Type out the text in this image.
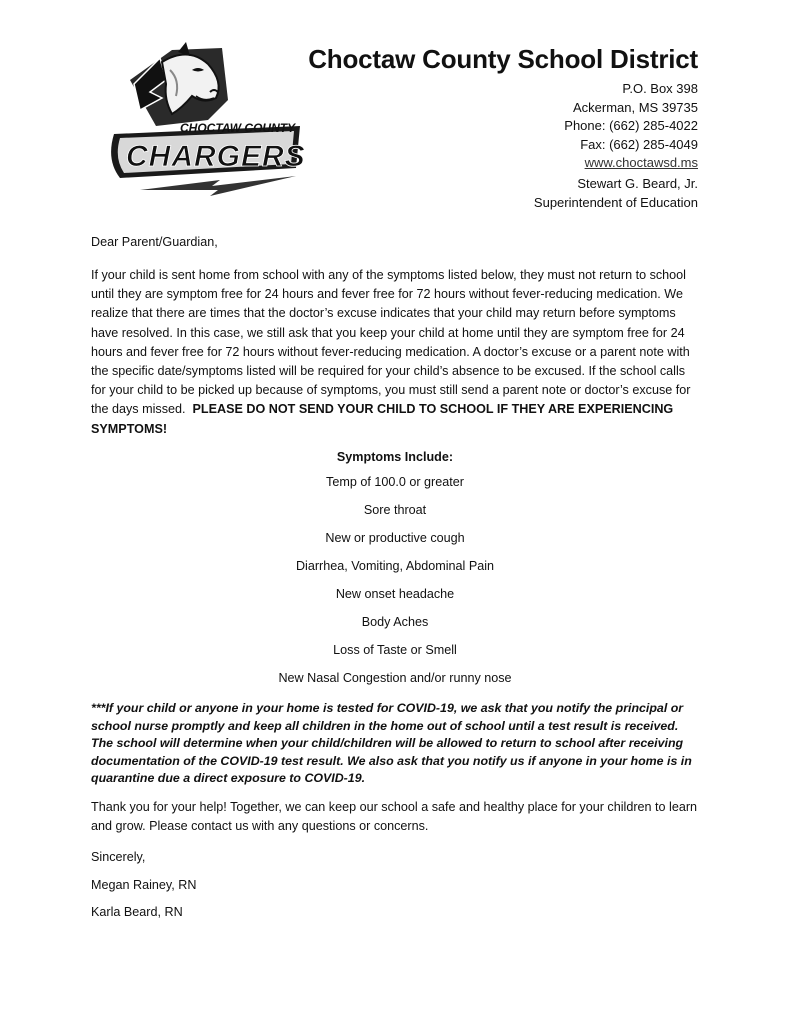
CHOCTAW COUNTY
CHARGERS
Choctaw County School District
P.O. Box 398
Ackerman, MS 39735
Phone: (662) 285-4022
Fax: (662) 285-4049
www.choctawsd.ms
Stewart G. Beard, Jr.
Superintendent of Education
Dear Parent/Guardian,
If your child is sent home from school with any of the symptoms listed below, they must not return to school until they are symptom free for 24 hours and fever free for 72 hours without fever-reducing medication. We realize that there are times that the doctor’s excuse indicates that your child may return before symptoms have resolved. In this case, we still ask that you keep your child at home until they are symptom free for 24 hours and fever free for 72 hours without fever-reducing medication. A doctor’s excuse or a parent note with the specific date/symptoms listed will be required for your child’s absence to be excused. If the school calls for your child to be picked up because of symptoms, you must still send a parent note or doctor’s excuse for the days missed. PLEASE DO NOT SEND YOUR CHILD TO SCHOOL IF THEY ARE EXPERIENCING SYMPTOMS!
Symptoms Include:
Temp of 100.0 or greater
Sore throat
New or productive cough
Diarrhea, Vomiting, Abdominal Pain
New onset headache
Body Aches
Loss of Taste or Smell
New Nasal Congestion and/or runny nose
***If your child or anyone in your home is tested for COVID-19, we ask that you notify the principal or school nurse promptly and keep all children in the home out of school until a test result is received. The school will determine when your child/children will be allowed to return to school after receiving documentation of the COVID-19 test result. We also ask that you notify us if anyone in your home is in quarantine due a direct exposure to COVID-19.
Thank you for your help! Together, we can keep our school a safe and healthy place for your children to learn and grow. Please contact us with any questions or concerns.
Sincerely,
Megan Rainey, RN
Karla Beard, RN
